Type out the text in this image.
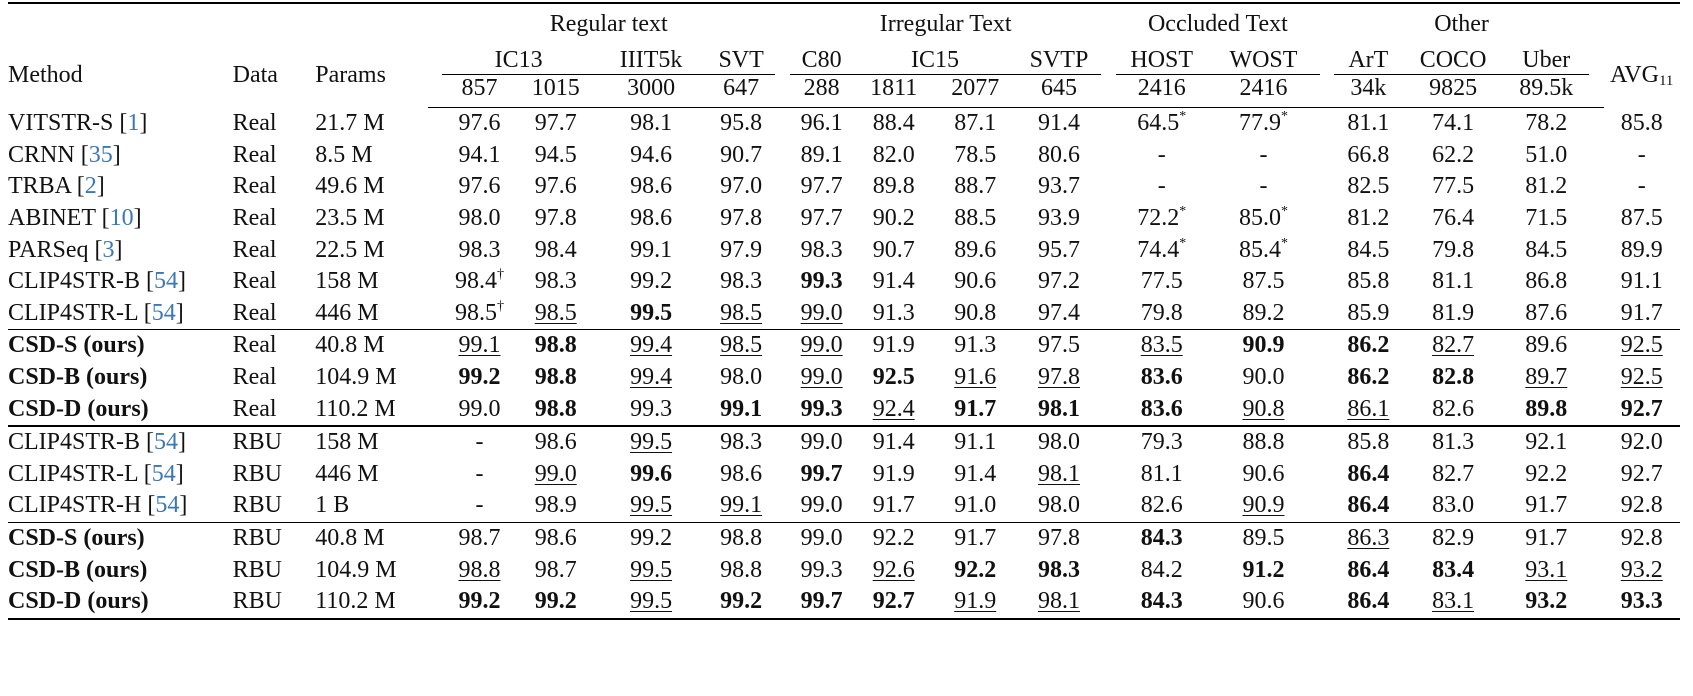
				Regular text					Irregular Text					Occluded Text			Other				
Method	Data	Params		IC13		IIIT5k	SVT		C80	IC15		SVTP		HOST	WOST		ArT	COCO	Uber		$AVG_{11}$
				857	1015	3000	647		288	1811	2077	645		2416	2416		34k	9825	89.5k		
VITSTR-S [1]	Real	21.7 M		97.6	97.7	98.1	95.8		96.1	88.4	87.1	91.4		64.5*	77.9*		81.1	74.1	78.2		85.8
CRNN [35]	Real	8.5 M		94.1	94.5	94.6	90.7		89.1	82.0	78.5	80.6		-	-		66.8	62.2	51.0		-
TRBA [2]	Real	49.6 M		97.6	97.6	98.6	97.0		97.7	89.8	88.7	93.7		-	-		82.5	77.5	81.2		-
ABINET [10]	Real	23.5 M		98.0	97.8	98.6	97.8		97.7	90.2	88.5	93.9		72.2*	85.0*		81.2	76.4	71.5		87.5
PARSeq [3]	Real	22.5 M		98.3	98.4	99.1	97.9		98.3	90.7	89.6	95.7		74.4*	85.4*		84.5	79.8	84.5		89.9
CLIP4STR-B [54]	Real	158 M		98.4†	98.3	99.2	98.3		99.3	91.4	90.6	97.2		77.5	87.5		85.8	81.1	86.8		91.1
CLIP4STR-L [54]	Real	446 M		98.5†	98.5	99.5	98.5		99.0	91.3	90.8	97.4		79.8	89.2		85.9	81.9	87.6		91.7
CSD-S (ours)	Real	40.8 M		99.1	98.8	99.4	98.5		99.0	91.9	91.3	97.5		83.5	90.9		86.2	82.7	89.6		92.5
CSD-B (ours)	Real	104.9 M		99.2	98.8	99.4	98.0		99.0	92.5	91.6	97.8		83.6	90.0		86.2	82.8	89.7		92.5
CSD-D (ours)	Real	110.2 M		99.0	98.8	99.3	99.1		99.3	92.4	91.7	98.1		83.6	90.8		86.1	82.6	89.8		92.7
CLIP4STR-B [54]	RBU	158 M		-	98.6	99.5	98.3		99.0	91.4	91.1	98.0		79.3	88.8		85.8	81.3	92.1		92.0
CLIP4STR-L [54]	RBU	446 M		-	99.0	99.6	98.6		99.7	91.9	91.4	98.1		81.1	90.6		86.4	82.7	92.2		92.7
CLIP4STR-H [54]	RBU	1 B		-	98.9	99.5	99.1		99.0	91.7	91.0	98.0		82.6	90.9		86.4	83.0	91.7		92.8
CSD-S (ours)	RBU	40.8 M		98.7	98.6	99.2	98.8		99.0	92.2	91.7	97.8		84.3	89.5		86.3	82.9	91.7		92.8
CSD-B (ours)	RBU	104.9 M		98.8	98.7	99.5	98.8		99.3	92.6	92.2	98.3		84.2	91.2		86.4	83.4	93.1		93.2
CSD-D (ours)	RBU	110.2 M		99.2	99.2	99.5	99.2		99.7	92.7	91.9	98.1		84.3	90.6		86.4	83.1	93.2		93.3
